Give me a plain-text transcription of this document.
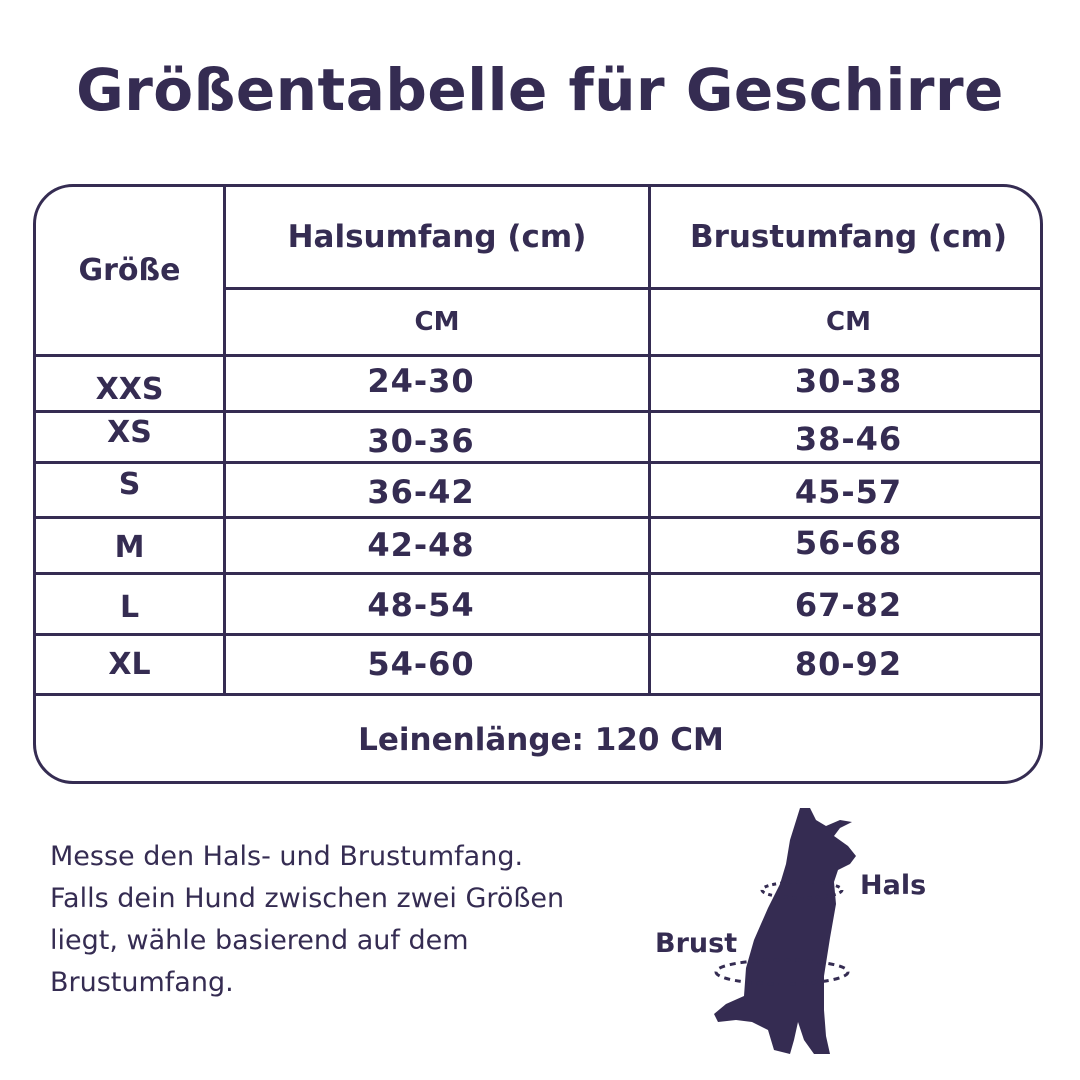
Größentabelle für Geschirre
Größe
Halsumfang (cm)	Brustumfang (cm)
CM	CM
XXS	24-30	30-38
XS	30-36	38-46
S	36-42	45-57
M	42-48	56-68
L	48-54	67-82
XL	54-60	80-92
Leinenlänge: 120 CM
Messe den Hals- und Brustumfang.
Falls dein Hund zwischen zwei Größen
liegt, wähle basierend auf dem
Brustumfang.
Hals
Brust
